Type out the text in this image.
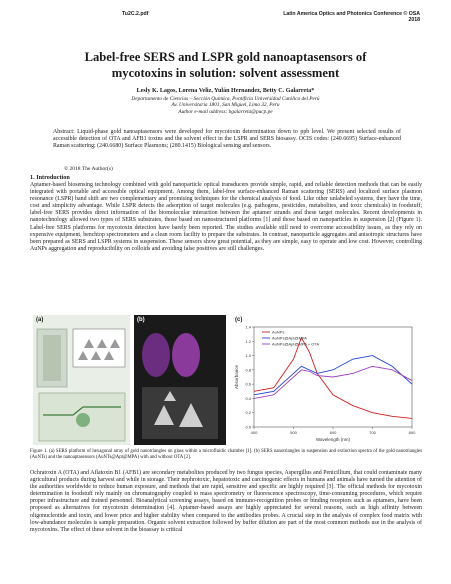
Tu2C.2.pdf	Latin America Optics and Photonics Conference © OSA
2018
Label-free SERS and LSPR gold nanoaptasensors of
mycotoxins in solution: solvent assessment
Lesly K. Lagos, Lorena Veliz, Yulán Hernandez, Betty C. Galarreta*
Departamento de Ciencias – Sección Química, Pontificia Universidad Católica del Perú
Av. Universitaria 1801, San Miguel, Lima 32, Peru
Author e-mail address: bgalarreta@pucp.pe
Abstract: Liquid-phase gold nanoaptasensors were developed for mycotoxin determination down to ppb level. We present selected results of accessible detection of OTA and AFB1 toxins and the solvent effect in the LSPR and SERS biosassy. OCIS codes: (240.6695) Surface-enhanced Raman scattering; (240.6680) Surface Plasmons; (280.1415) Biological sensing and sensors.
© 2018 The Author(s)
1. Introduction
Aptamer-based biosensing technology combined with gold nanoparticle optical transducers provide simple, rapid, and reliable detection methods that can be easily integrated with portable and accessible optical equipment. Among them, label-free surface-enhanced Raman scattering (SERS) and localized surface plasmon resonance (LSPR) band shift are two complementary and promising techniques for the chemical analysis of food. Like other unlabeled systems, they have the time, cost and simplicity advantage. While LSPR detects the adsorption of target molecules (e.g. pathogens, pesticides, metabolites, and toxic chemicals) in foodstuff; label-free SERS provides direct information of the biomolecular interaction between the aptamer strands and these target molecules. Recent developments in nanotechnology allowed two types of SERS substrates, those based on nanostructured platforms [1] and those based on nanoparticles in suspension [2] (Figure 1). Label-free SERS platforms for mycotoxin detection have barely been reported. The studies available still need to overcome accessibility issues, as they rely on expensive equipment, benchtop spectrometers and a clean room facility to prepare the substrates. In contrast, nanoparticle aggregates and anisotropic structures have been prepared as SERS and LSPR systems in suspension. These sensors show great potential, as they are simple, easy to operate and low cost. However, controlling AuNPs aggregation and reproducibility on colloids and avoiding false positives are still challenges.
(a)	(b)	(c)
1.4
1.2
1.0
0.8
0.6
0.4
0.2
0.0
400	500	600	700	800
Wavelength (nm)
Absorbance
AuNPs
AuNPs@Apt@MPA
AuNPs@Apt@MPA + OTA
Figure 1. (a) SERS platform of hexagonal array of gold nanotriangles on glass within a microfluidic chamber [1]. (b) SERS nanotriangles in suspension and extinction spectra of the gold nanotriangles (AuNTs) and the nanoaptasensors (AuNTs@Apt@MPA) with and without OTA [2].
Ochratoxin A (OTA) and Aflatoxin B1 (AFB1) are secondary metabolites produced by two fungus species, Aspergillus and Penicillium, that could contaminate many agricultural products during harvest and while in storage. Their nephrotoxic, hepatotoxic and carcinogenic effects in humans and animals have turned the attention of the authorities worldwide to reduce human exposure, and methods that are rapid, sensitive and specific are highly required [3]. The official methods for mycotoxin determination in foodstuff rely mainly on chromatography coupled to mass spectrometry or fluorescence spectroscopy, time-consuming procedures, which require proper infrastructure and trained personnel. Bioanalytical screening assays, based on immuno-recognition probes or binding receptors such as aptamers, have been proposed as alternatives for mycotoxin determination [4]. Aptamer-based assays are highly appreciated for several reasons, such as high affinity between oligonucleotide and toxin, and lower price and higher stability when compared to the antibodies probes. A crucial step in the analysis of complex food matrix with low-abundance molecules is sample preparation. Organic solvent extraction followed by buffer dilution are part of the most common methods use in the analysis of mycotoxins. The effect of these solvent in the bioassay is critical
